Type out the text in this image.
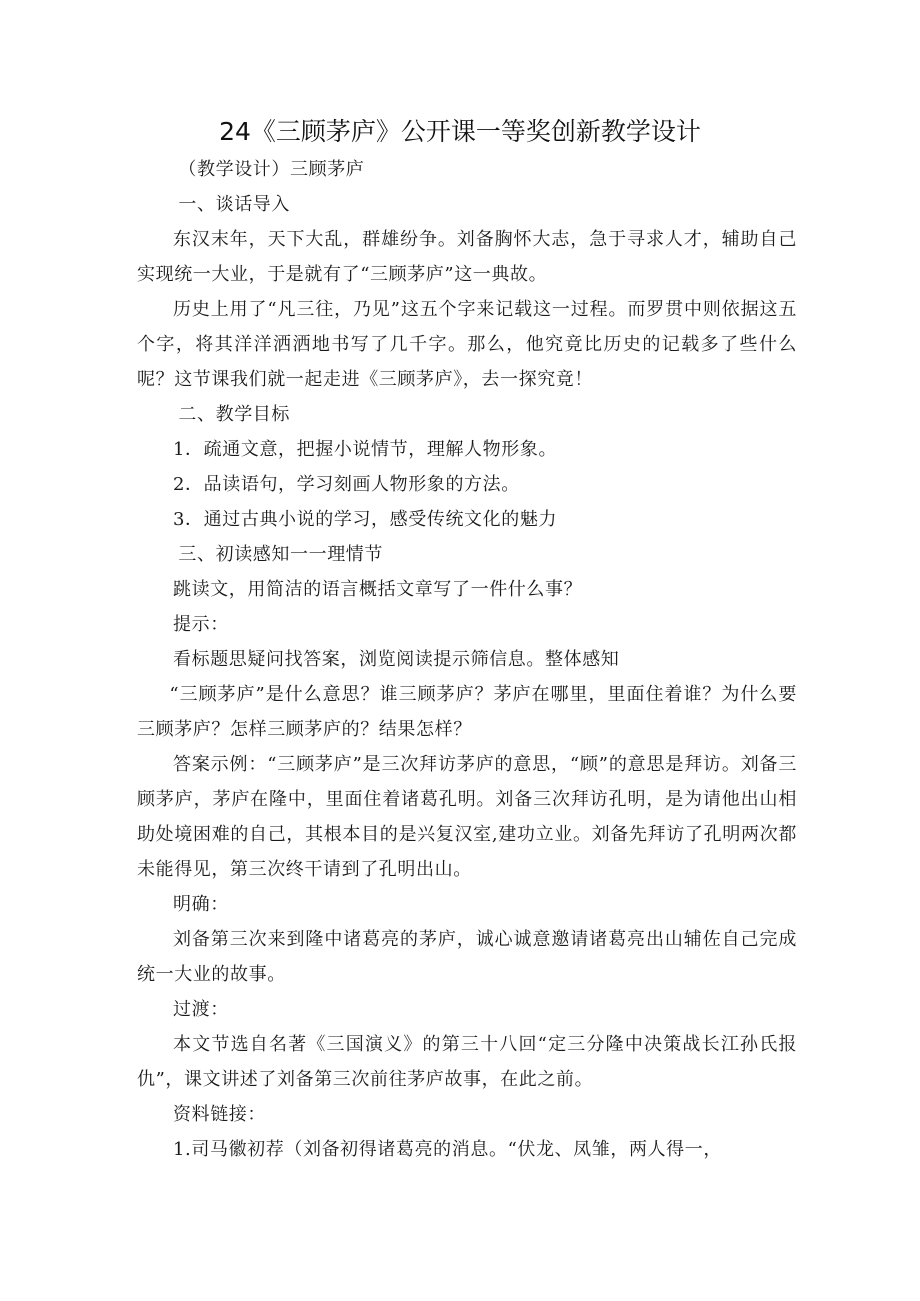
24《三顾茅庐》公开课一等奖创新教学设计

（教学设计）三顾茅庐

一、谈话导入

东汉末年，天下大乱，群雄纷争。刘备胸怀大志，急于寻求人才，辅助自己实现统一大业，于是就有了“三顾茅庐”这一典故。

历史上用了“凡三往，乃见”这五个字来记载这一过程。而罗贯中则依据这五个字，将其洋洋洒洒地书写了几千字。那么，他究竟比历史的记载多了些什么呢？这节课我们就一起走进《三顾茅庐》，去一探究竟！

二、教学目标

1．疏通文意，把握小说情节，理解人物形象。

2．品读语句，学习刻画人物形象的方法。

3．通过古典小说的学习，感受传统文化的魅力

三、初读感知一一理情节

跳读文，用简洁的语言概括文章写了一件什么事？

提示：

看标题思疑问找答案，浏览阅读提示筛信息。整体感知

“三顾茅庐”是什么意思？谁三顾茅庐？茅庐在哪里，里面住着谁？为什么要三顾茅庐？怎样三顾茅庐的？结果怎样？

答案示例：“三顾茅庐”是三次拜访茅庐的意思，“顾”的意思是拜访。刘备三顾茅庐，茅庐在隆中，里面住着诸葛孔明。刘备三次拜访孔明，是为请他出山相助处境困难的自己，其根本目的是兴复汉室,建功立业。刘备先拜访了孔明两次都未能得见，第三次终干请到了孔明出山。

明确：

刘备第三次来到隆中诸葛亮的茅庐，诚心诚意邀请诸葛亮出山辅佐自己完成统一大业的故事。

过渡：

本文节选自名著《三国演义》的第三十八回“定三分隆中决策战长江孙氏报仇”，课文讲述了刘备第三次前往茅庐故事，在此之前。

资料链接：

1.司马徽初荐（刘备初得诸葛亮的消息。“伏龙、凤雏，两人得一，
